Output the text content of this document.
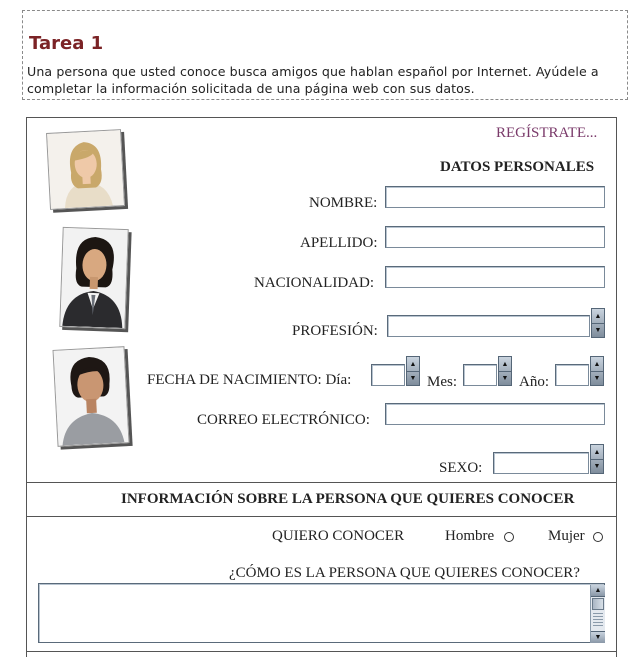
Tarea 1
Una persona que usted conoce busca amigos que hablan español por Internet. Ayúdele a
completar la información solicitada de una página web con sus datos.
REGÍSTRATE...
DATOS PERSONALES
NOMBRE:
APELLIDO:
NACIONALIDAD:
PROFESIÓN:
▲
▼
FECHA DE NACIMIENTO: Día:
▲
▼ Mes:
▲
▼ Año:
▲
▼
CORREO ELECTRÓNICO:
SEXO:
▲
▼
INFORMACIÓN SOBRE LA PERSONA QUE QUIERES CONOCER
QUIERO CONOCER	Hombre	Mujer
¿CÓMO ES LA PERSONA QUE QUIERES CONOCER?
▲
▼
